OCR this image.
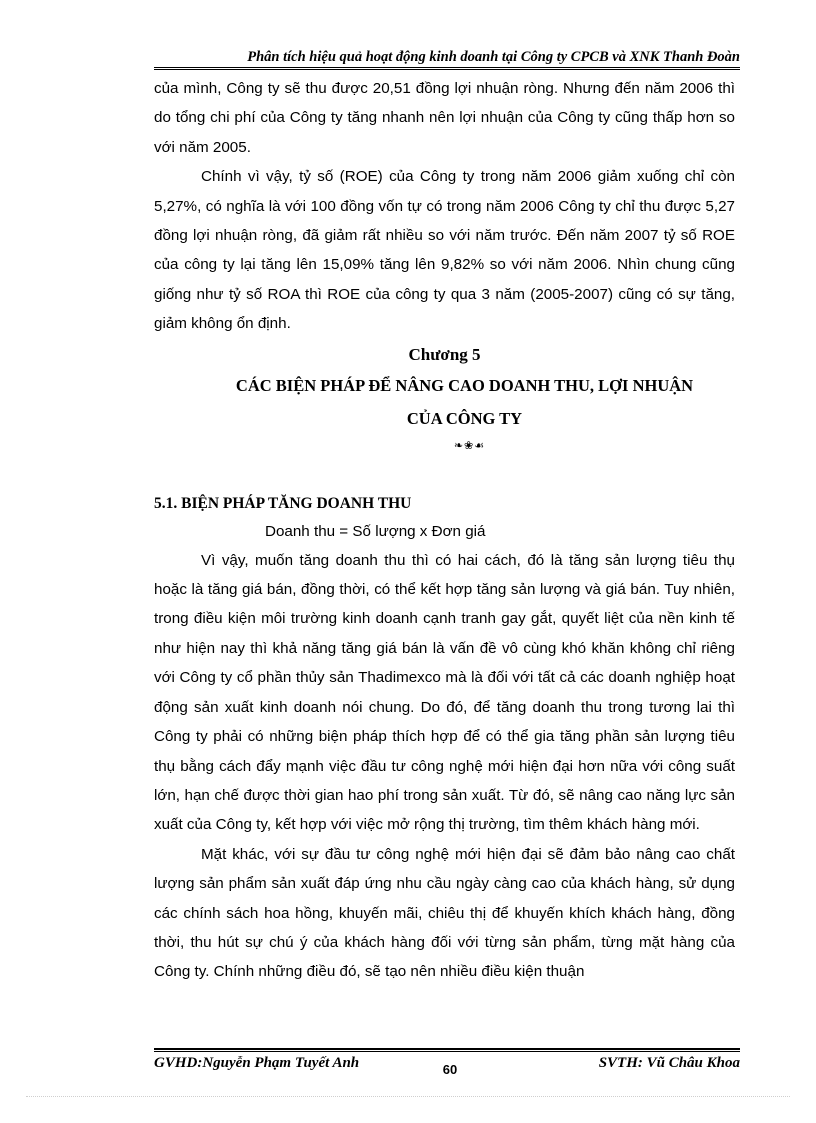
Phân tích hiệu quả hoạt động kinh doanh tại Công ty CPCB và XNK Thanh Đoàn

của mình, Công ty sẽ thu được 20,51 đồng lợi nhuận ròng. Nhưng đến năm 2006 thì do tổng chi phí của Công ty tăng nhanh nên lợi nhuận của Công ty cũng thấp hơn so với năm 2005.

Chính vì vậy, tỷ số (ROE) của Công ty trong năm 2006 giảm xuống chỉ còn 5,27%, có nghĩa là với 100 đồng vốn tự có trong năm 2006 Công ty chỉ thu được 5,27 đồng lợi nhuận ròng, đã giảm rất nhiều so với năm trước. Đến năm 2007 tỷ số ROE của công ty lại tăng lên 15,09% tăng lên 9,82% so với năm 2006. Nhìn chung cũng giống như tỷ số ROA thì ROE của công ty qua 3 năm (2005-2007) cũng có sự tăng, giảm không ổn định.

Chương 5
CÁC BIỆN PHÁP ĐỂ NÂNG CAO DOANH THU, LỢI NHUẬN
CỦA CÔNG TY
❧❀☙
5.1. BIỆN PHÁP TĂNG DOANH THU
Doanh thu = Số lượng x Đơn giá

Vì vậy, muốn tăng doanh thu thì có hai cách, đó là tăng sản lượng tiêu thụ hoặc là tăng giá bán, đồng thời, có thể kết hợp tăng sản lượng và giá bán. Tuy nhiên, trong điều kiện môi trường kinh doanh cạnh tranh gay gắt, quyết liệt của nền kinh tế như hiện nay thì khả năng tăng giá bán là vấn đề vô cùng khó khăn không chỉ riêng với Công ty cổ phần thủy sản Thadimexco mà là đối với tất cả các doanh nghiệp hoạt động sản xuất kinh doanh nói chung. Do đó, để tăng doanh thu trong tương lai thì Công ty phải có những biện pháp thích hợp để có thể gia tăng phần sản lượng tiêu thụ bằng cách đẩy mạnh việc đầu tư công nghệ mới hiện đại hơn nữa với công suất lớn, hạn chế được thời gian hao phí trong sản xuất. Từ đó, sẽ nâng cao năng lực sản xuất của Công ty, kết hợp với việc mở rộng thị trường, tìm thêm khách hàng mới.

Mặt khác, với sự đầu tư công nghệ mới hiện đại sẽ đảm bảo nâng cao chất lượng sản phẩm sản xuất đáp ứng nhu cầu ngày càng cao của khách hàng, sử dụng các chính sách hoa hồng, khuyến mãi, chiêu thị để khuyến khích khách hàng, đồng thời, thu hút sự chú ý của khách hàng đối với từng sản phẩm, từng mặt hàng của Công ty. Chính những điều đó, sẽ tạo nên nhiều điều kiện thuận

GVHD:Nguyễn Phạm Tuyết Anh	SVTH: Vũ Châu Khoa
60
